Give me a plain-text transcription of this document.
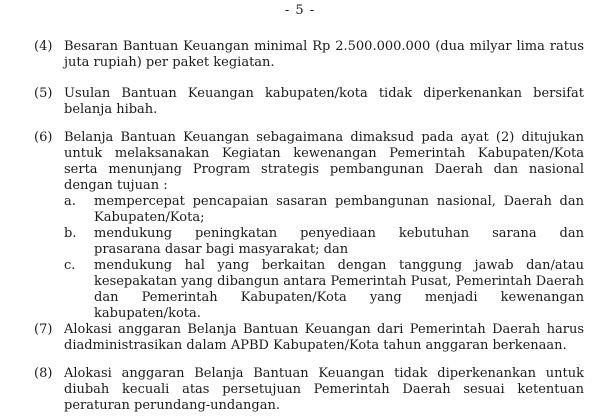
- 5 -
(4) Besaran Bantuan Keuangan minimal Rp 2.500.000.000 (dua milyar lima ratus
juta rupiah) per paket kegiatan.
(5) Usulan Bantuan Keuangan kabupaten/kota tidak diperkenankan bersifat
belanja hibah.
(6) Belanja Bantuan Keuangan sebagaimana dimaksud pada ayat (2) ditujukan
untuk melaksanakan Kegiatan kewenangan Pemerintah Kabupaten/Kota
serta menunjang Program strategis pembangunan Daerah dan nasional
dengan tujuan :
a. mempercepat pencapaian sasaran pembangunan nasional, Daerah dan
Kabupaten/Kota;
b. mendukung peningkatan penyediaan kebutuhan sarana dan
prasarana dasar bagi masyarakat; dan
c. mendukung hal yang berkaitan dengan tanggung jawab dan/atau
kesepakatan yang dibangun antara Pemerintah Pusat, Pemerintah Daerah
dan Pemerintah Kabupaten/Kota yang menjadi kewenangan
kabupaten/kota.
(7) Alokasi anggaran Belanja Bantuan Keuangan dari Pemerintah Daerah harus
diadministrasikan dalam APBD Kabupaten/Kota tahun anggaran berkenaan.
(8) Alokasi anggaran Belanja Bantuan Keuangan tidak diperkenankan untuk
diubah kecuali atas persetujuan Pemerintah Daerah sesuai ketentuan
peraturan perundang-undangan.
